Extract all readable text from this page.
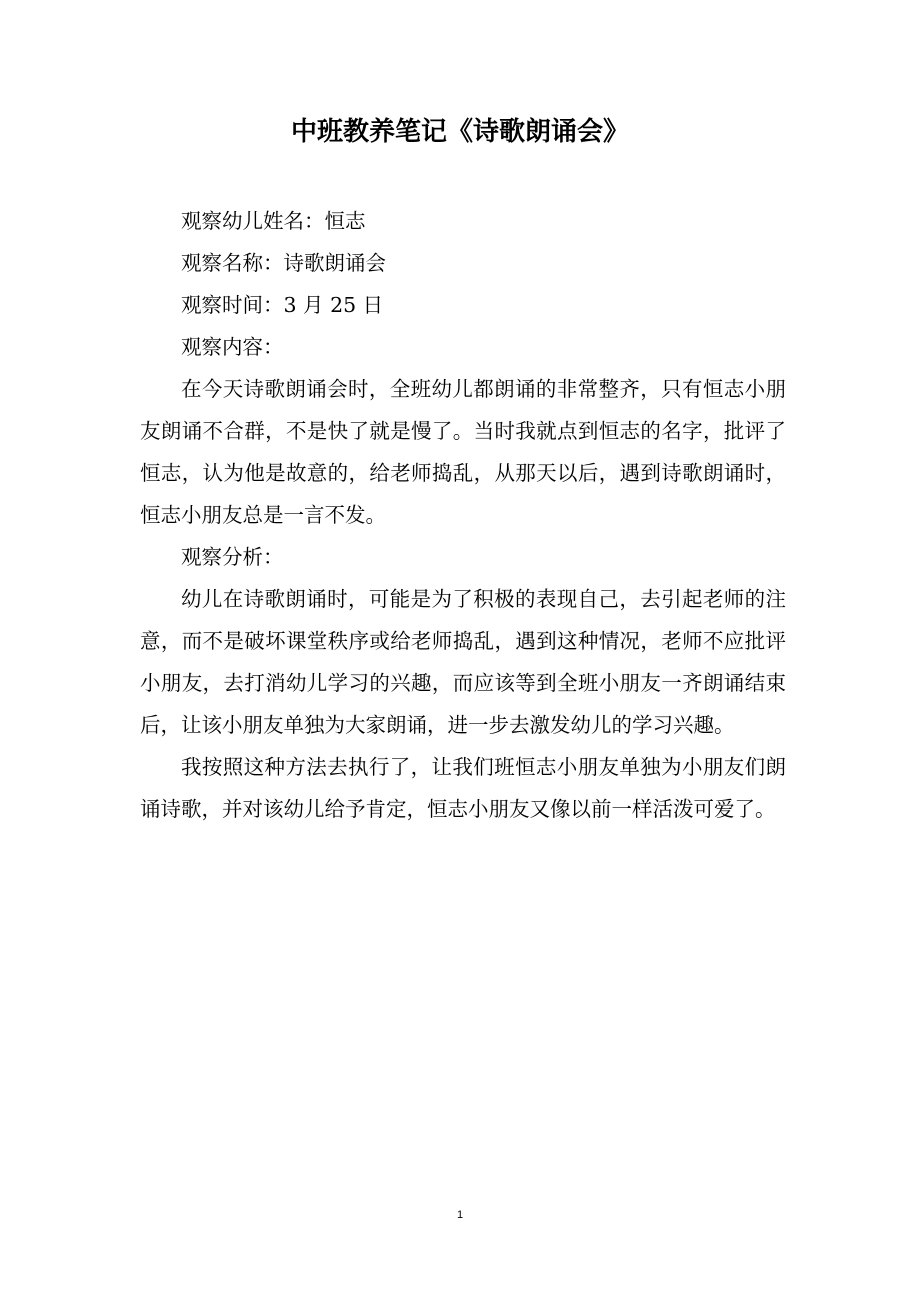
中班教养笔记《诗歌朗诵会》

观察幼儿姓名：恒志

观察名称：诗歌朗诵会

观察时间：3 月 25 日

观察内容：

在今天诗歌朗诵会时，全班幼儿都朗诵的非常整齐，只有恒志小朋友朗诵不合群，不是快了就是慢了。当时我就点到恒志的名字，批评了恒志，认为他是故意的，给老师捣乱，从那天以后，遇到诗歌朗诵时，恒志小朋友总是一言不发。

观察分析：

幼儿在诗歌朗诵时，可能是为了积极的表现自己，去引起老师的注意，而不是破坏课堂秩序或给老师捣乱，遇到这种情况，老师不应批评小朋友，去打消幼儿学习的兴趣，而应该等到全班小朋友一齐朗诵结束后，让该小朋友单独为大家朗诵，进一步去激发幼儿的学习兴趣。

我按照这种方法去执行了，让我们班恒志小朋友单独为小朋友们朗诵诗歌，并对该幼儿给予肯定，恒志小朋友又像以前一样活泼可爱了。

1
